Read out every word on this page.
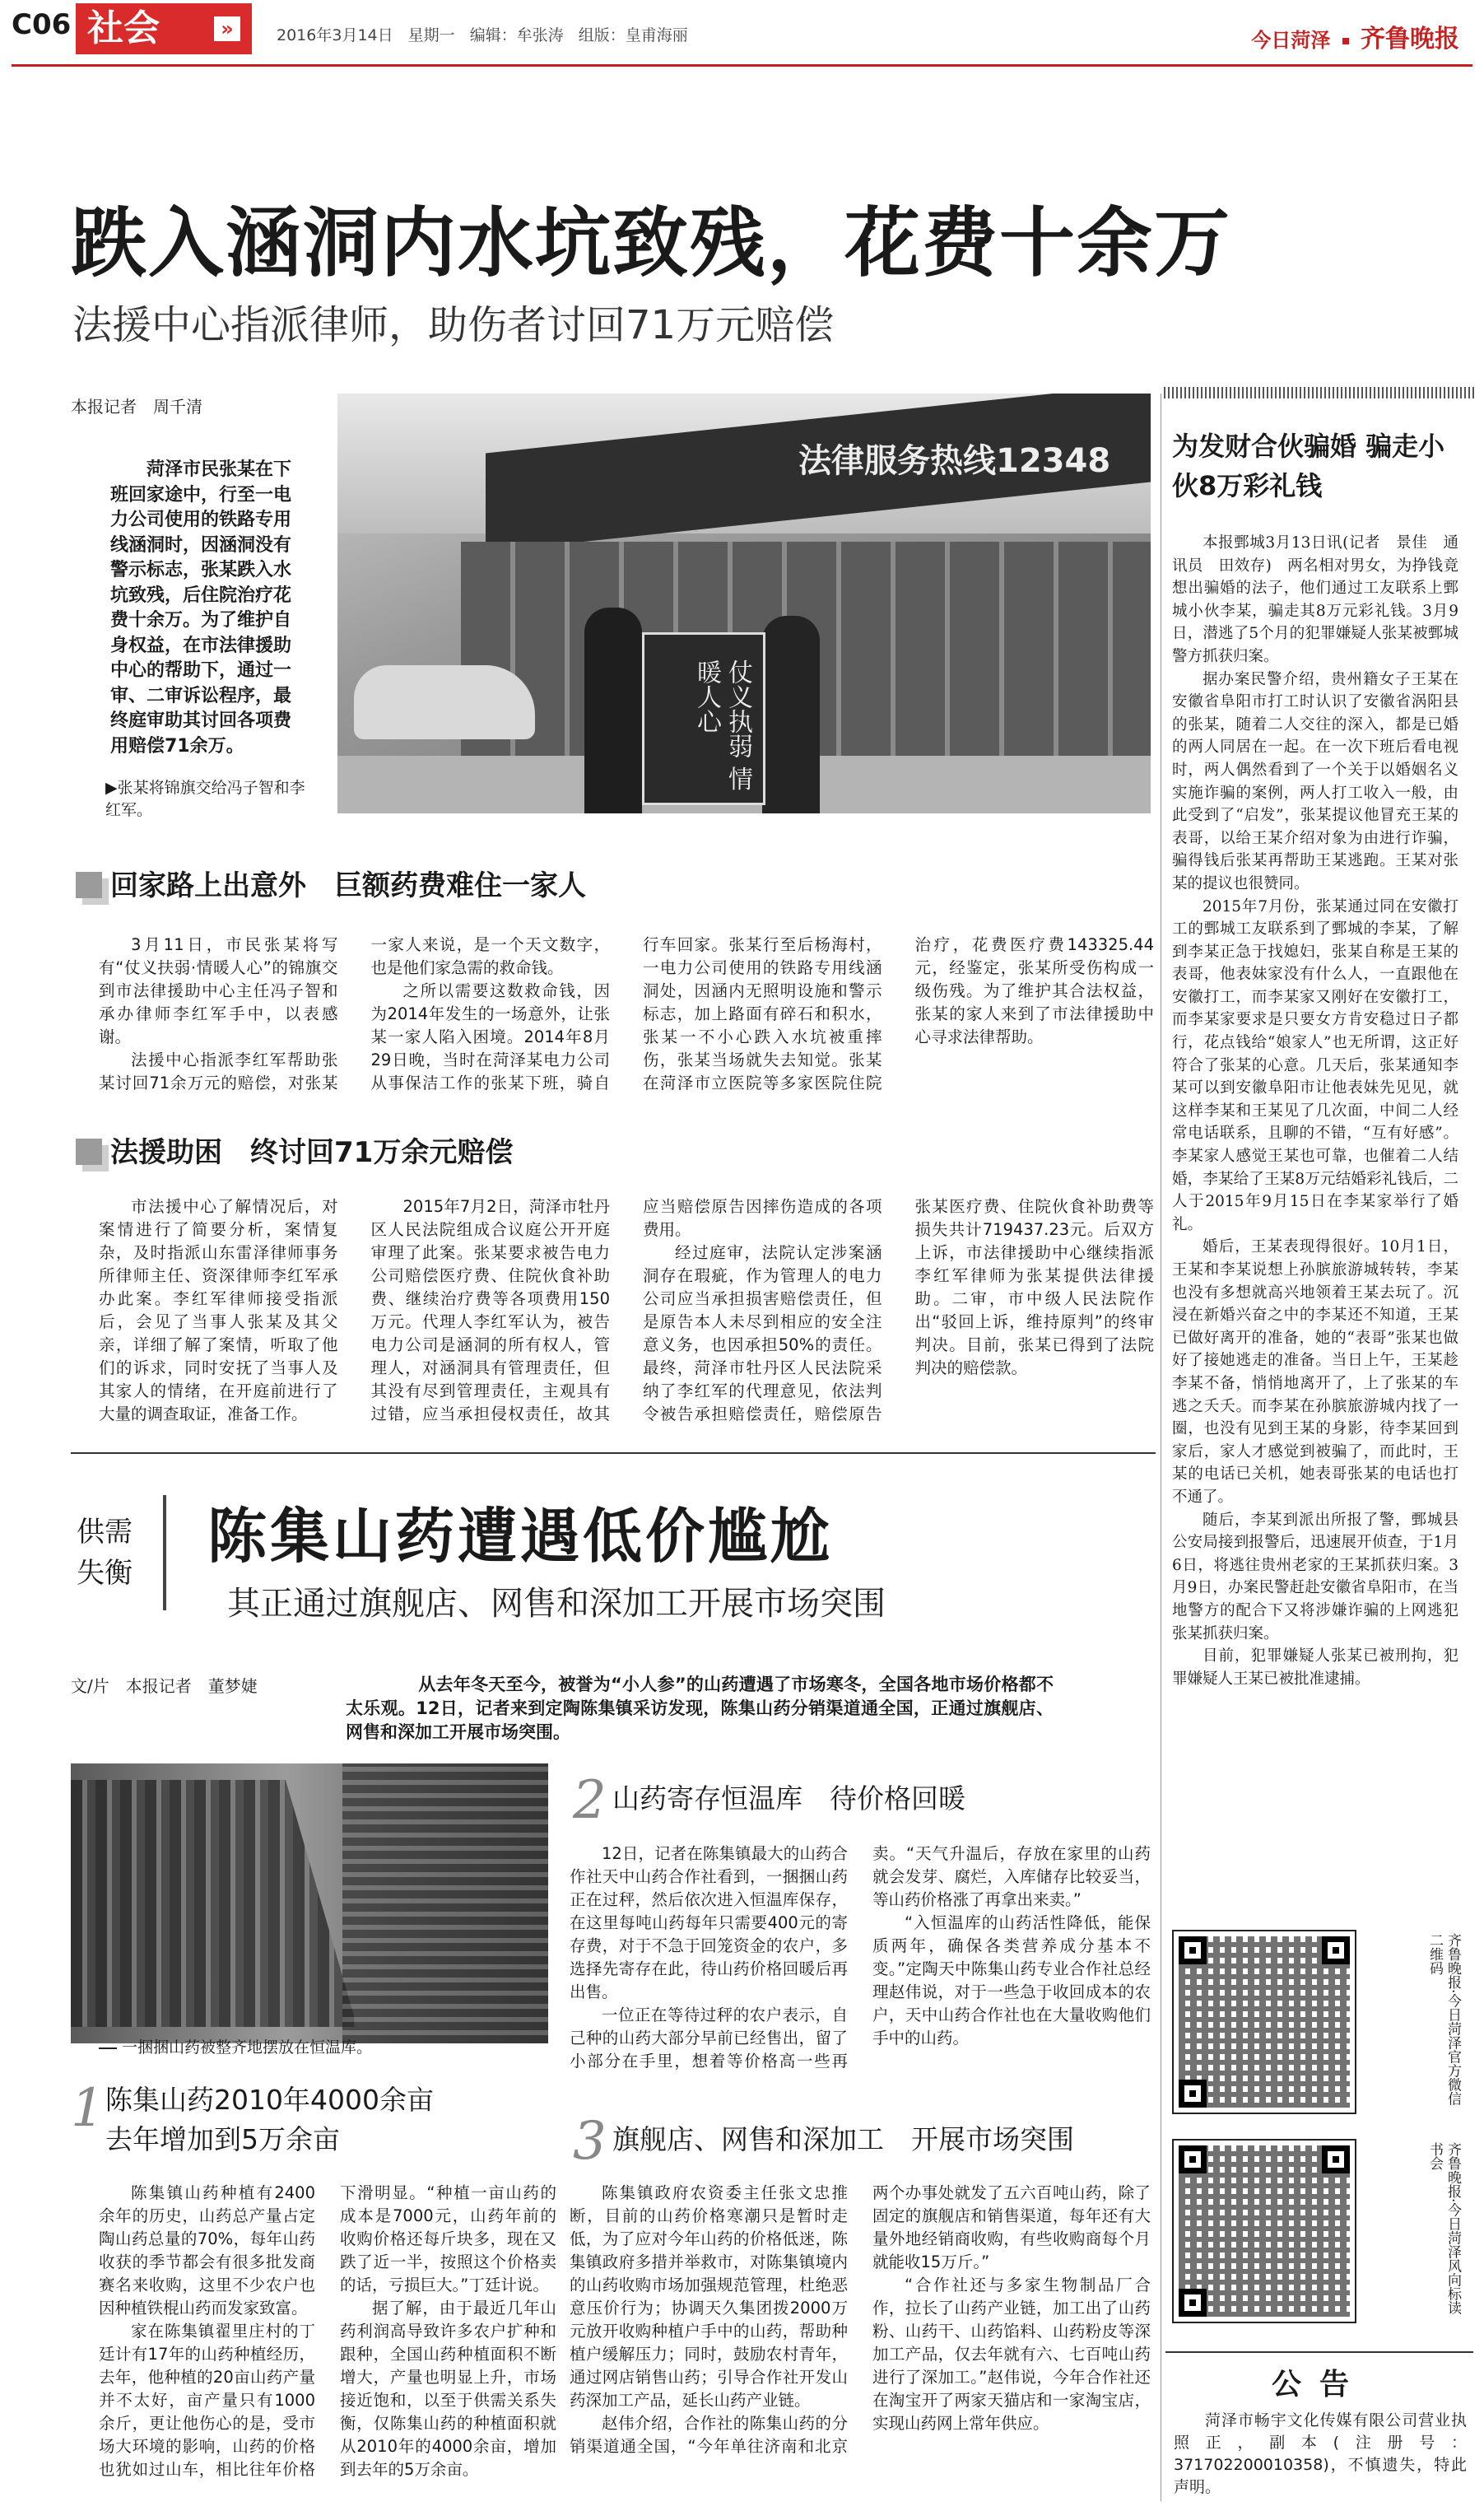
C06 社会	»	2016年3月14日 星期一 编辑：牟张涛 组版：皇甫海丽	今日菏泽 齐鲁晚报
跌入涵洞内水坑致残，花费十余万
法援中心指派律师，助伤者讨回71万元赔偿
本报记者　周千清
菏泽市民张某在下班回家途中，行至一电力公司使用的铁路专用线涵洞时，因涵洞没有警示标志，张某跌入水坑致残，后住院治疗花费十余万。为了维护自身权益，在市法律援助中心的帮助下，通过一审、二审诉讼程序，最终庭审助其讨回各项费用赔偿71余万。
法律服务热线12348
仗义执弱 情暖人心
▶张某将锦旗交给冯子智和李红军。
回家路上出意外　巨额药费难住一家人

3月11日，市民张某将写有“仗义扶弱·情暖人心”的锦旗交到市法律援助中心主任冯子智和承办律师李红军手中，以表感谢。

法援中心指派李红军帮助张某讨回71余万元的赔偿，对张某一家人来说，是一个天文数字，也是他们家急需的救命钱。

之所以需要这数救命钱，因为2014年发生的一场意外，让张某一家人陷入困境。2014年8月29日晚，当时在菏泽某电力公司从事保洁工作的张某下班，骑自行车回家。张某行至后杨海村，一电力公司使用的铁路专用线涵洞处，因涵内无照明设施和警示标志，加上路面有碎石和积水，张某一不小心跌入水坑被重摔伤，张某当场就失去知觉。张某在菏泽市立医院等多家医院住院治疗，花费医疗费143325.44元，经鉴定，张某所受伤构成一级伤残。为了维护其合法权益，张某的家人来到了市法律援助中心寻求法律帮助。

法援助困　终讨回71万余元赔偿

市法援中心了解情况后，对案情进行了简要分析，案情复杂，及时指派山东雷泽律师事务所律师主任、资深律师李红军承办此案。李红军律师接受指派后，会见了当事人张某及其父亲，详细了解了案情，听取了他们的诉求，同时安抚了当事人及其家人的情绪，在开庭前进行了大量的调查取证，准备工作。

2015年7月2日，菏泽市牡丹区人民法院组成合议庭公开开庭审理了此案。张某要求被告电力公司赔偿医疗费、住院伙食补助费、继续治疗费等各项费用150万元。代理人李红军认为，被告电力公司是涵洞的所有权人，管理人，对涵洞具有管理责任，但其没有尽到管理责任，主观具有过错，应当承担侵权责任，故其应当赔偿原告因摔伤造成的各项费用。

经过庭审，法院认定涉案涵洞存在瑕疵，作为管理人的电力公司应当承担损害赔偿责任，但是原告本人未尽到相应的安全注意义务，也因承担50%的责任。最终，菏泽市牡丹区人民法院采纳了李红军的代理意见，依法判令被告承担赔偿责任，赔偿原告张某医疗费、住院伙食补助费等损失共计719437.23元。后双方上诉，市法律援助中心继续指派李红军律师为张某提供法律援助。二审，市中级人民法院作出“驳回上诉，维持原判”的终审判决。目前，张某已得到了法院判决的赔偿款。

供需失衡
陈集山药遭遇低价尴尬
其正通过旗舰店、网售和深加工开展市场突围
文/片　本报记者　董梦婕	从去年冬天至今，被誉为“小人参”的山药遭遇了市场寒冬，全国各地市场价格都不太乐观。12日，记者来到定陶陈集镇采访发现，陈集山药分销渠道通全国，正通过旗舰店、网售和深加工开展市场突围。
一捆捆山药被整齐地摆放在恒温库。
1 陈集山药2010年4000余亩
去年增加到5万余亩

陈集镇山药种植有2400余年的历史，山药总产量占定陶山药总量的70%，每年山药收获的季节都会有很多批发商赛名来收购，这里不少农户也因种植铁棍山药而发家致富。

家在陈集镇翟里庄村的丁廷计有17年的山药种植经历，去年，他种植的20亩山药产量并不太好，亩产量只有1000余斤，更让他伤心的是，受市场大环境的影响，山药的价格也犹如过山车，相比往年价格下滑明显。“种植一亩山药的成本是7000元，山药年前的收购价格还每斤块多，现在又跌了近一半，按照这个价格卖的话，亏损巨大。”丁廷计说。

据了解，由于最近几年山药利润高导致许多农户扩种和跟种，全国山药种植面积不断增大，产量也明显上升，市场接近饱和，以至于供需关系失衡，仅陈集山药的种植面积就从2010年的4000余亩，增加到去年的5万余亩。

2 山药寄存恒温库　待价格回暖

12日，记者在陈集镇最大的山药合作社天中山药合作社看到，一捆捆山药正在过秤，然后依次进入恒温库保存，在这里每吨山药每年只需要400元的寄存费，对于不急于回笼资金的农户，多选择先寄存在此，待山药价格回暖后再出售。

一位正在等待过秤的农户表示，自己种的山药大部分早前已经售出，留了小部分在手里，想着等价格高一些再卖。“天气升温后，存放在家里的山药就会发芽、腐烂，入库储存比较妥当，等山药价格涨了再拿出来卖。”

“入恒温库的山药活性降低，能保质两年，确保各类营养成分基本不变。”定陶天中陈集山药专业合作社总经理赵伟说，对于一些急于收回成本的农户，天中山药合作社也在大量收购他们手中的山药。

3 旗舰店、网售和深加工　开展市场突围

陈集镇政府农资委主任张文忠推断，目前的山药价格寒潮只是暂时走低，为了应对今年山药的价格低迷，陈集镇政府多措并举救市，对陈集镇境内的山药收购市场加强规范管理，杜绝恶意压价行为；协调天久集团拨2000万元放开收购种植户手中的山药，帮助种植户缓解压力；同时，鼓励农村青年，通过网店销售山药；引导合作社开发山药深加工产品，延长山药产业链。

赵伟介绍，合作社的陈集山药的分销渠道通全国，“今年单往济南和北京两个办事处就发了五六百吨山药，除了固定的旗舰店和销售渠道，每年还有大量外地经销商收购，有些收购商每个月就能收15万斤。”

“合作社还与多家生物制品厂合作，拉长了山药产业链，加工出了山药粉、山药干、山药馅料、山药粉皮等深加工产品，仅去年就有六、七百吨山药进行了深加工。”赵伟说，今年合作社还在淘宝开了两家天猫店和一家淘宝店，实现山药网上常年供应。

为发财合伙骗婚 骗走小伙8万彩礼钱

本报鄄城3月13日讯(记者　景佳　通讯员　田效存)　两名相对男女，为挣钱竟想出骗婚的法子，他们通过工友联系上鄄城小伙李某，骗走其8万元彩礼钱。3月9日，潜逃了5个月的犯罪嫌疑人张某被鄄城警方抓获归案。

据办案民警介绍，贵州籍女子王某在安徽省阜阳市打工时认识了安徽省涡阳县的张某，随着二人交往的深入，都是已婚的两人同居在一起。在一次下班后看电视时，两人偶然看到了一个关于以婚姻名义实施诈骗的案例，两人打工收入一般，由此受到了“启发”，张某提议他冒充王某的表哥，以给王某介绍对象为由进行诈骗，骗得钱后张某再帮助王某逃跑。王某对张某的提议也很赞同。

2015年7月份，张某通过同在安徽打工的鄄城工友联系到了鄄城的李某，了解到李某正急于找媳妇，张某自称是王某的表哥，他表妹家没有什么人，一直跟他在安徽打工，而李某家又刚好在安徽打工，而李某家要求是只要女方肯安稳过日子都行，花点钱给“娘家人”也无所谓，这正好符合了张某的心意。几天后，张某通知李某可以到安徽阜阳市让他表妹先见见，就这样李某和王某见了几次面，中间二人经常电话联系，且聊的不错，“互有好感”。李某家人感觉王某也可靠，也催着二人结婚，李某给了王某8万元结婚彩礼钱后，二人于2015年9月15日在李某家举行了婚礼。

婚后，王某表现得很好。10月1日，王某和李某说想上孙膑旅游城转转，李某也没有多想就高兴地领着王某去玩了。沉浸在新婚兴奋之中的李某还不知道，王某已做好离开的准备，她的“表哥”张某也做好了接她逃走的准备。当日上午，王某趁李某不备，悄悄地离开了，上了张某的车逃之夭夭。而李某在孙膑旅游城内找了一圈，也没有见到王某的身影，待李某回到家后，家人才感觉到被骗了，而此时，王某的电话已关机，她表哥张某的电话也打不通了。

随后，李某到派出所报了警，鄄城县公安局接到报警后，迅速展开侦查，于1月6日，将逃往贵州老家的王某抓获归案。3月9日，办案民警赶赴安徽省阜阳市，在当地警方的配合下又将涉嫌诈骗的上网逃犯张某抓获归案。

目前，犯罪嫌疑人张某已被刑拘，犯罪嫌疑人王某已被批准逮捕。

齐鲁晚报·今日菏泽官方微信二维码
齐鲁晚报·今日菏泽风向标读书会
公告
菏泽市畅宇文化传媒有限公司营业执照正，副本(注册号：371702200010358)，不慎遗失，特此声明。
